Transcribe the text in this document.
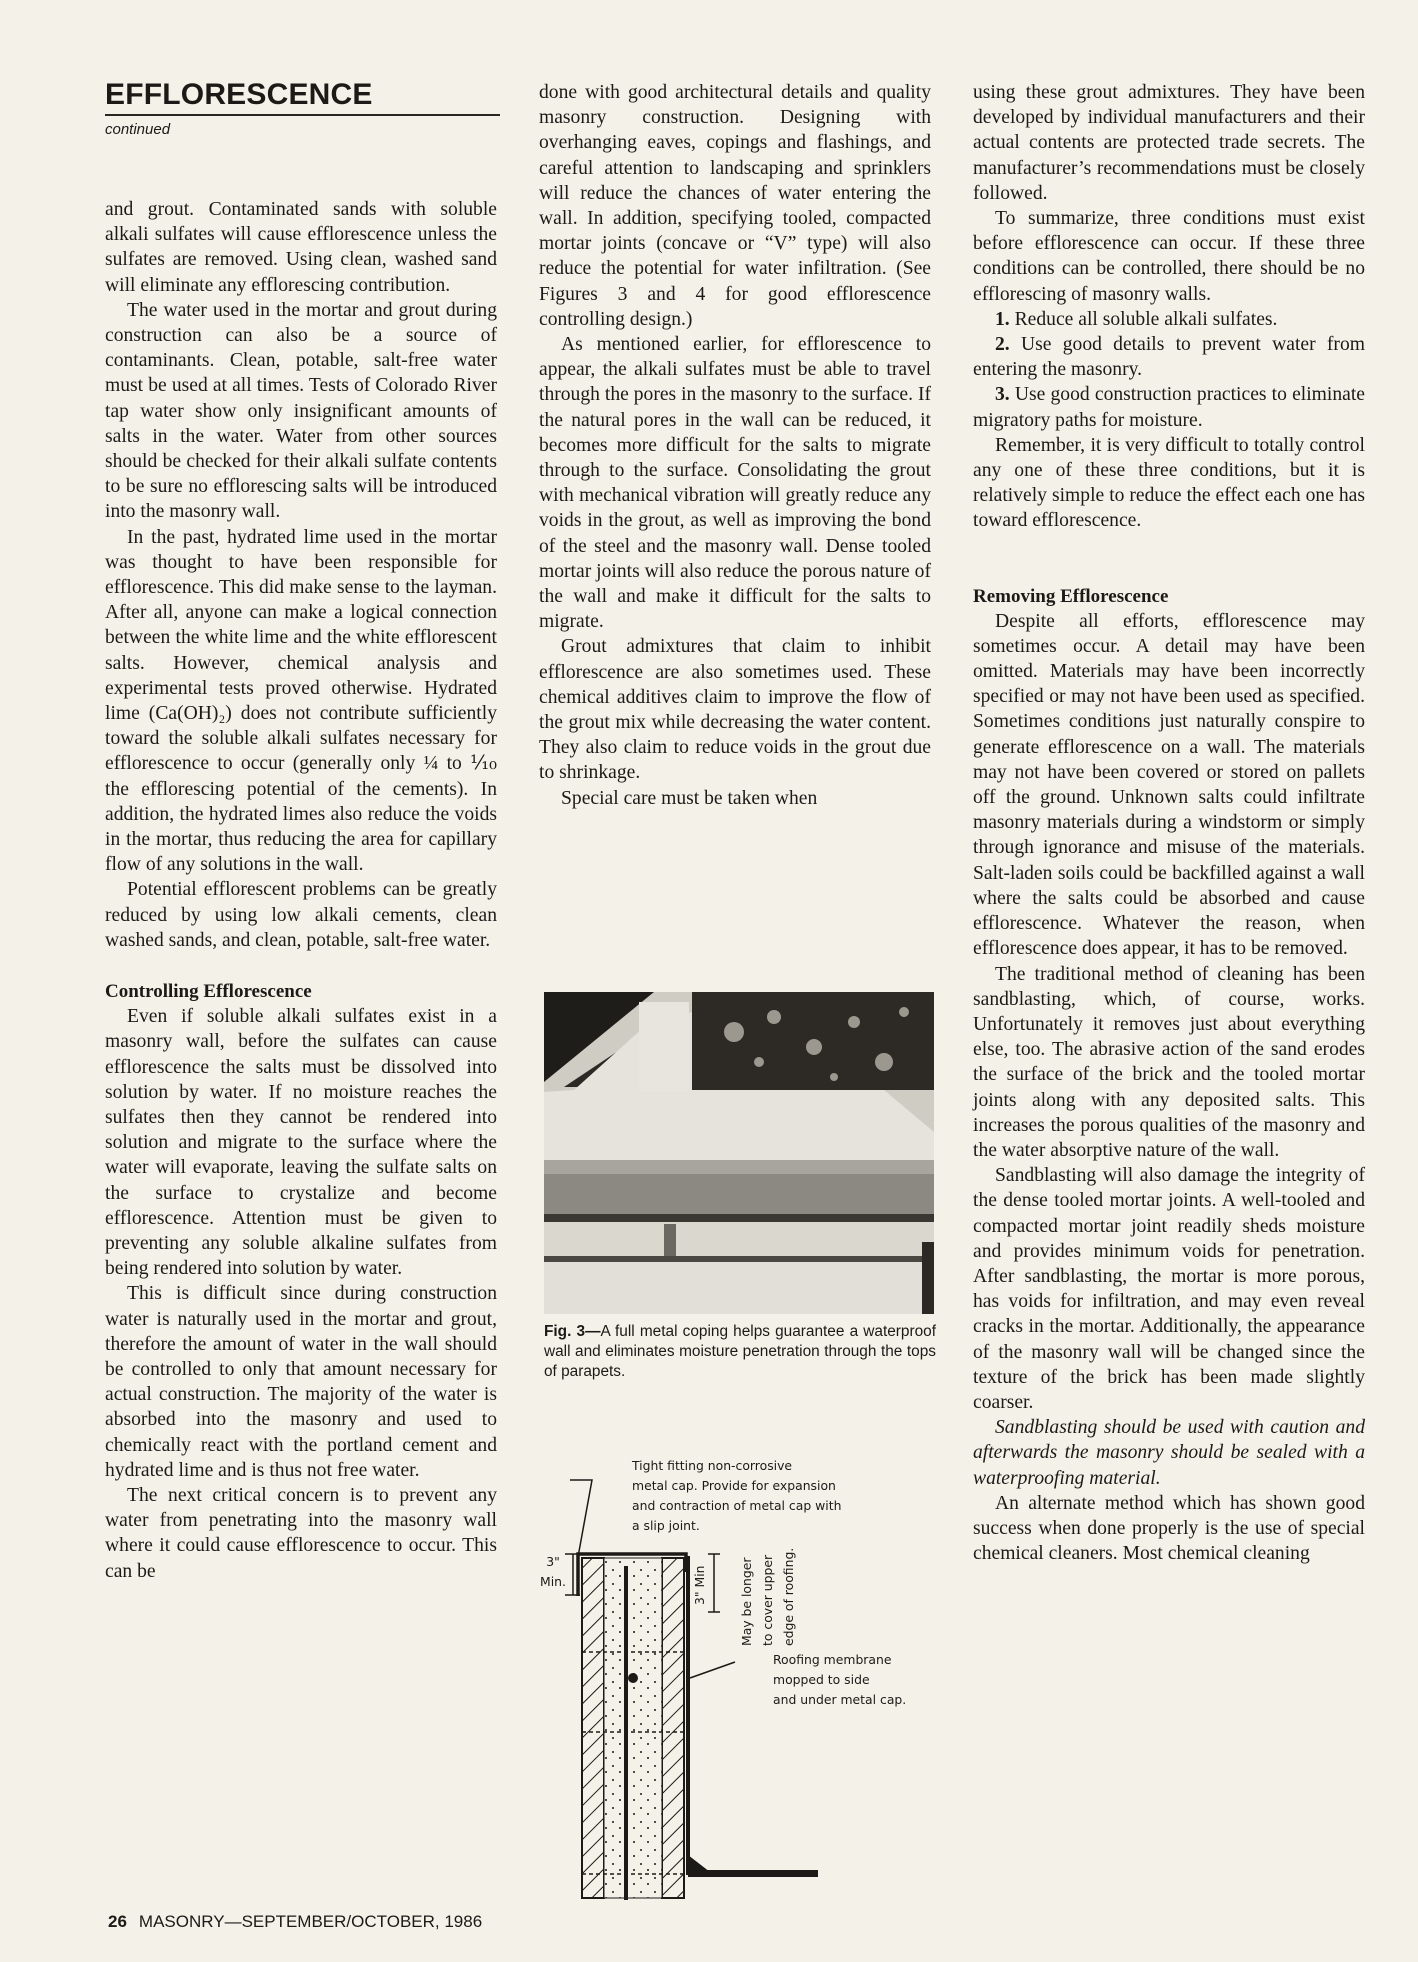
EFFLORESCENCE
continued

and grout. Contaminated sands with soluble alkali sulfates will cause efflorescence unless the sulfates are removed. Using clean, washed sand will eliminate any efflorescing contribution.

The water used in the mortar and grout during construction can also be a source of contaminants. Clean, potable, salt-free water must be used at all times. Tests of Colorado River tap water show only insignificant amounts of salts in the water. Water from other sources should be checked for their alkali sulfate contents to be sure no efflorescing salts will be introduced into the masonry wall.

In the past, hydrated lime used in the mortar was thought to have been responsible for efflorescence. This did make sense to the layman. After all, anyone can make a logical connection between the white lime and the white efflorescent salts. However, chemical analysis and experimental tests proved otherwise. Hydrated lime (Ca(OH)₂) does not contribute sufficiently toward the soluble alkali sulfates necessary for efflorescence to occur (generally only ¼ to ⅒ the efflorescing potential of the cements). In addition, the hydrated limes also reduce the voids in the mortar, thus reducing the area for capillary flow of any solutions in the wall.

Potential efflorescent problems can be greatly reduced by using low alkali cements, clean washed sands, and clean, potable, salt-free water.

Controlling Efflorescence

Even if soluble alkali sulfates exist in a masonry wall, before the sulfates can cause efflorescence the salts must be dissolved into solution by water. If no moisture reaches the sulfates then they cannot be rendered into solution and migrate to the surface where the water will evaporate, leaving the sulfate salts on the surface to crystalize and become efflorescence. Attention must be given to preventing any soluble alkaline sulfates from being rendered into solution by water.

This is difficult since during construction water is naturally used in the mortar and grout, therefore the amount of water in the wall should be controlled to only that amount necessary for actual construction. The majority of the water is absorbed into the masonry and used to chemically react with the portland cement and hydrated lime and is thus not free water.

The next critical concern is to prevent any water from penetrating into the masonry wall where it could cause efflorescence to occur. This can be

done with good architectural details and quality masonry construction. Designing with overhanging eaves, copings and flashings, and careful attention to landscaping and sprinklers will reduce the chances of water entering the wall. In addition, specifying tooled, compacted mortar joints (concave or “V” type) will also reduce the potential for water infiltration. (See Figures 3 and 4 for good efflorescence controlling design.)

As mentioned earlier, for efflorescence to appear, the alkali sulfates must be able to travel through the pores in the masonry to the surface. If the natural pores in the wall can be reduced, it becomes more difficult for the salts to migrate through to the surface. Consolidating the grout with mechanical vibration will greatly reduce any voids in the grout, as well as improving the bond of the steel and the masonry wall. Dense tooled mortar joints will also reduce the porous nature of the wall and make it difficult for the salts to migrate.

Grout admixtures that claim to inhibit efflorescence are also sometimes used. These chemical additives claim to improve the flow of the grout mix while decreasing the water content. They also claim to reduce voids in the grout due to shrinkage.

Special care must be taken when

Fig. 3—A full metal coping helps guarantee a waterproof wall and eliminates moisture penetration through the tops of parapets.
3" Min	May be longer to cover upper edge of roofing.
Tight fitting non-corrosive
metal cap. Provide for expansion
and contraction of metal cap with
a slip joint.
3"
Min.
Roofing membrane
mopped to side
and under metal cap.

using these grout admixtures. They have been developed by individual manufacturers and their actual contents are protected trade secrets. The manufacturer’s recommendations must be closely followed.

To summarize, three conditions must exist before efflorescence can occur. If these three conditions can be controlled, there should be no efflorescing of masonry walls.

1. Reduce all soluble alkali sulfates.

2. Use good details to prevent water from entering the masonry.

3. Use good construction practices to eliminate migratory paths for moisture.

Remember, it is very difficult to totally control any one of these three conditions, but it is relatively simple to reduce the effect each one has toward efflorescence.

Removing Efflorescence

Despite all efforts, efflorescence may sometimes occur. A detail may have been omitted. Materials may have been incorrectly specified or may not have been used as specified. Sometimes conditions just naturally conspire to generate efflorescence on a wall. The materials may not have been covered or stored on pallets off the ground. Unknown salts could infiltrate masonry materials during a windstorm or simply through ignorance and misuse of the materials. Salt-laden soils could be backfilled against a wall where the salts could be absorbed and cause efflorescence. Whatever the reason, when efflorescence does appear, it has to be removed.

The traditional method of cleaning has been sandblasting, which, of course, works. Unfortunately it removes just about everything else, too. The abrasive action of the sand erodes the surface of the brick and the tooled mortar joints along with any deposited salts. This increases the porous qualities of the masonry and the water absorptive nature of the wall.

Sandblasting will also damage the integrity of the dense tooled mortar joints. A well-tooled and compacted mortar joint readily sheds moisture and provides minimum voids for penetration. After sandblasting, the mortar is more porous, has voids for infiltration, and may even reveal cracks in the mortar. Additionally, the appearance of the masonry wall will be changed since the texture of the brick has been made slightly coarser.

Sandblasting should be used with caution and afterwards the masonry should be sealed with a waterproofing material.

An alternate method which has shown good success when done properly is the use of special chemical cleaners. Most chemical cleaning

26 MASONRY—SEPTEMBER/OCTOBER, 1986
